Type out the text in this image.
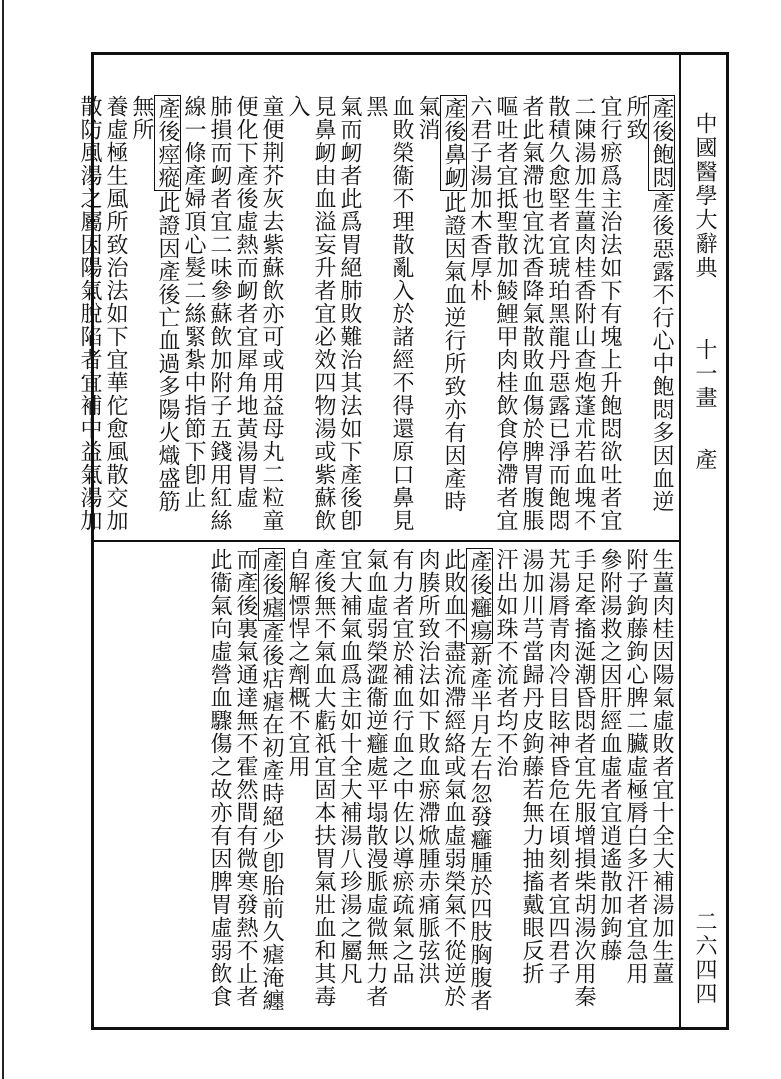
中國醫學大辭典  十一畫  產
二六四四
產後飽悶產後惡露不行心中飽悶多因血逆所致
宜行瘀爲主治法如下有塊上升飽悶欲吐者宜
二陳湯加生薑肉桂香附山查炮蓬朮若血塊不
散積久愈堅者宜琥珀黑龍丹惡露已淨而飽悶
者此氣滯也宜沈香降氣散敗血傷於脾胃腹脹
嘔吐者宜抵聖散加鯪鯉甲肉桂飲食停滯者宜
六君子湯加木香厚朴
產後鼻衂此證因氣血逆行所致亦有因產時氣消
血敗榮衞不理散亂入於諸經不得還原口鼻見黑
氣而衂者此爲胃絕肺敗難治其法如下產後卽
見鼻衂由血溢妄升者宜必效四物湯或紫蘇飲入
童便荆芥灰去紫蘇飲亦可或用益母丸二粒童
便化下產後虛熱而衂者宜犀角地黃湯胃虛
肺損而衂者宜二味參蘇飲加附子五錢用紅絲
線一條產婦頂心髮二絲緊紮中指節下卽止
產後痙瘲此證因產後亡血過多陽火熾盛筋無所
養虛極生風所致治法如下宜華佗愈風散交加
散防風湯之屬因陽氣脫陷者宜補中益氣湯加
生薑肉桂因陽氣虛敗者宜十全大補湯加生薑
附子鉤藤鉤心脾二臟虛極脣白多汗者宜急用
參附湯救之因肝經血虛者宜逍遙散加鉤藤
手足牽搐涎潮昏悶者宜先服增損柴胡湯次用秦
艽湯脣青肉冷目眩神昏危在頃刻者宜四君子
湯加川芎當歸丹皮鉤藤若無力抽搐戴眼反折
汗出如珠不流者均不治
產後癰瘍新產半月左右忽發癰腫於四肢胸腹者
此敗血不盡流滯經絡或氣血虛弱榮氣不從逆於
肉腠所致治法如下敗血瘀滯焮腫赤痛脈弦洪
有力者宜於補血行血之中佐以導瘀疏氣之品
氣血虛弱榮澀衞逆癰處平塌散漫脈虛微無力者
宜大補氣血爲主如十全大補湯八珍湯之屬凡
產後無不氣血大虧祇宜固本扶胃氣壯血和其毒
自解慓悍之劑概不宜用
產後瘧產後痁瘧在初產時絕少卽胎前久瘧淹纏
而產後裏氣通達無不霍然間有微寒發熱不止者
此衞氣向虛營血驟傷之故亦有因脾胃虛弱飲食
